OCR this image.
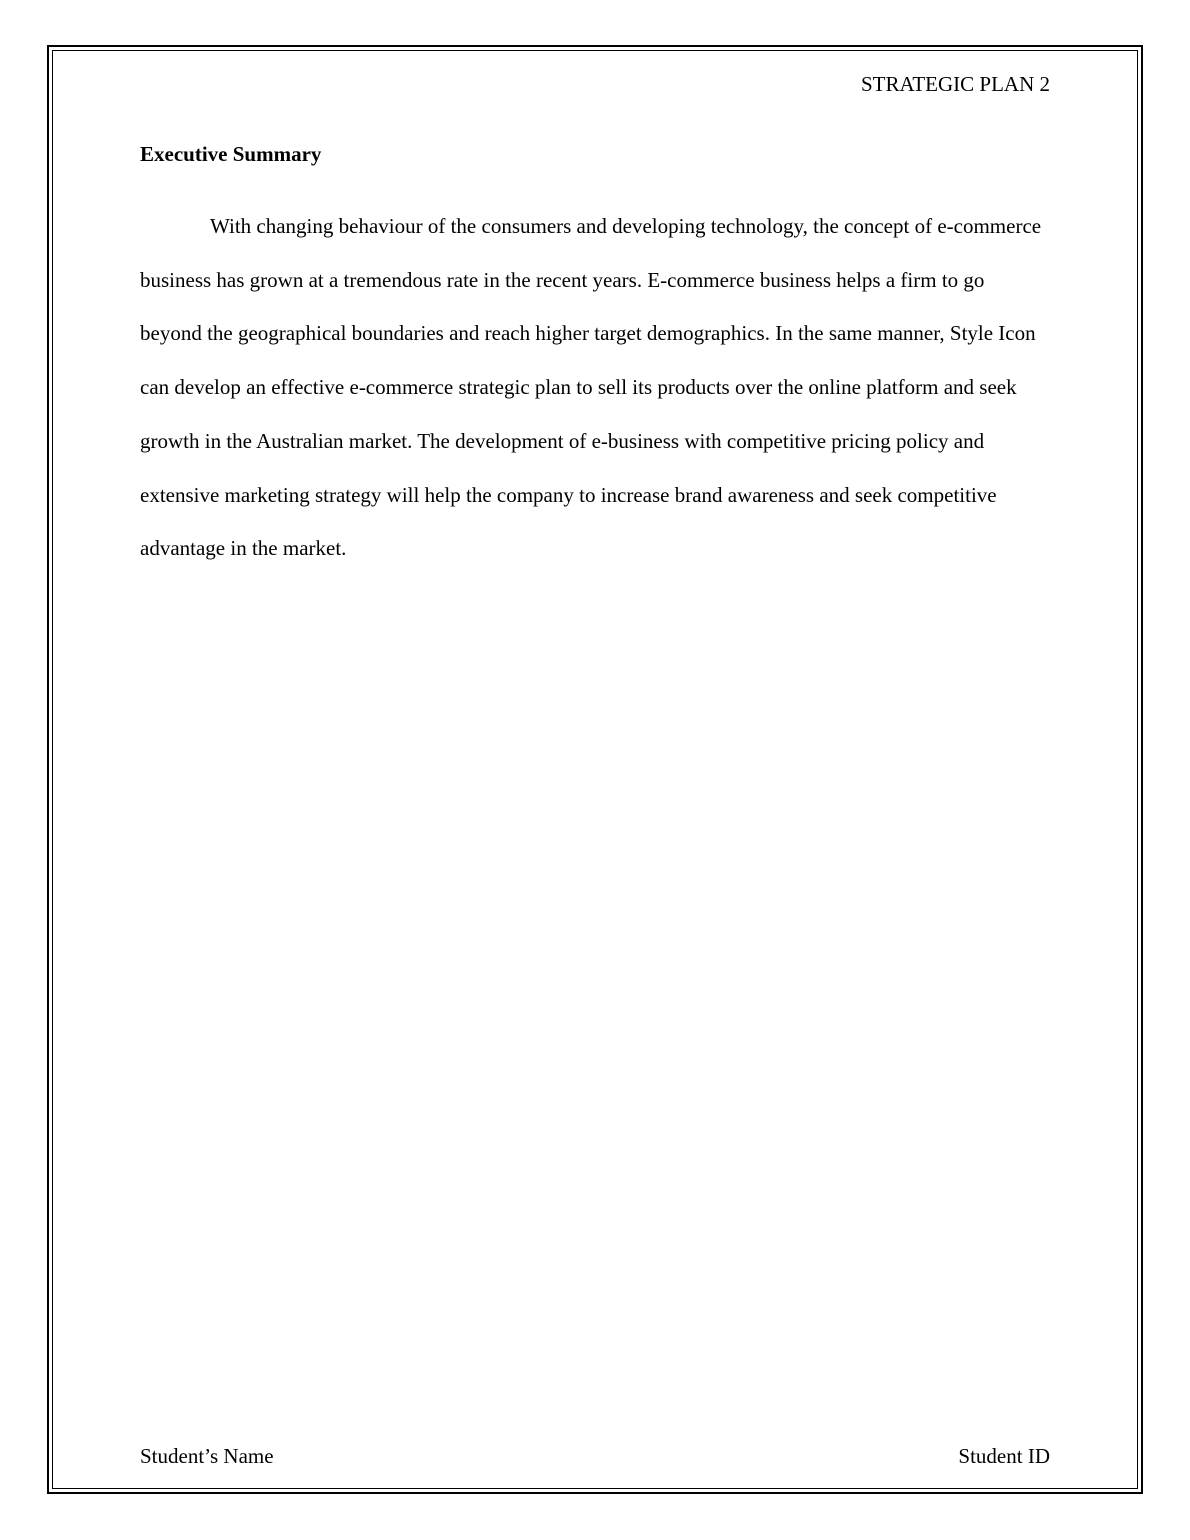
STRATEGIC PLAN 2
Executive Summary

With changing behaviour of the consumers and developing technology, the concept of e-commerce business has grown at a tremendous rate in the recent years. E-commerce business helps a firm to go beyond the geographical boundaries and reach higher target demographics. In the same manner, Style Icon can develop an effective e-commerce strategic plan to sell its products over the online platform and seek growth in the Australian market. The development of e-business with competitive pricing policy and extensive marketing strategy will help the company to increase brand awareness and seek competitive advantage in the market.

Student’s Name	Student ID
